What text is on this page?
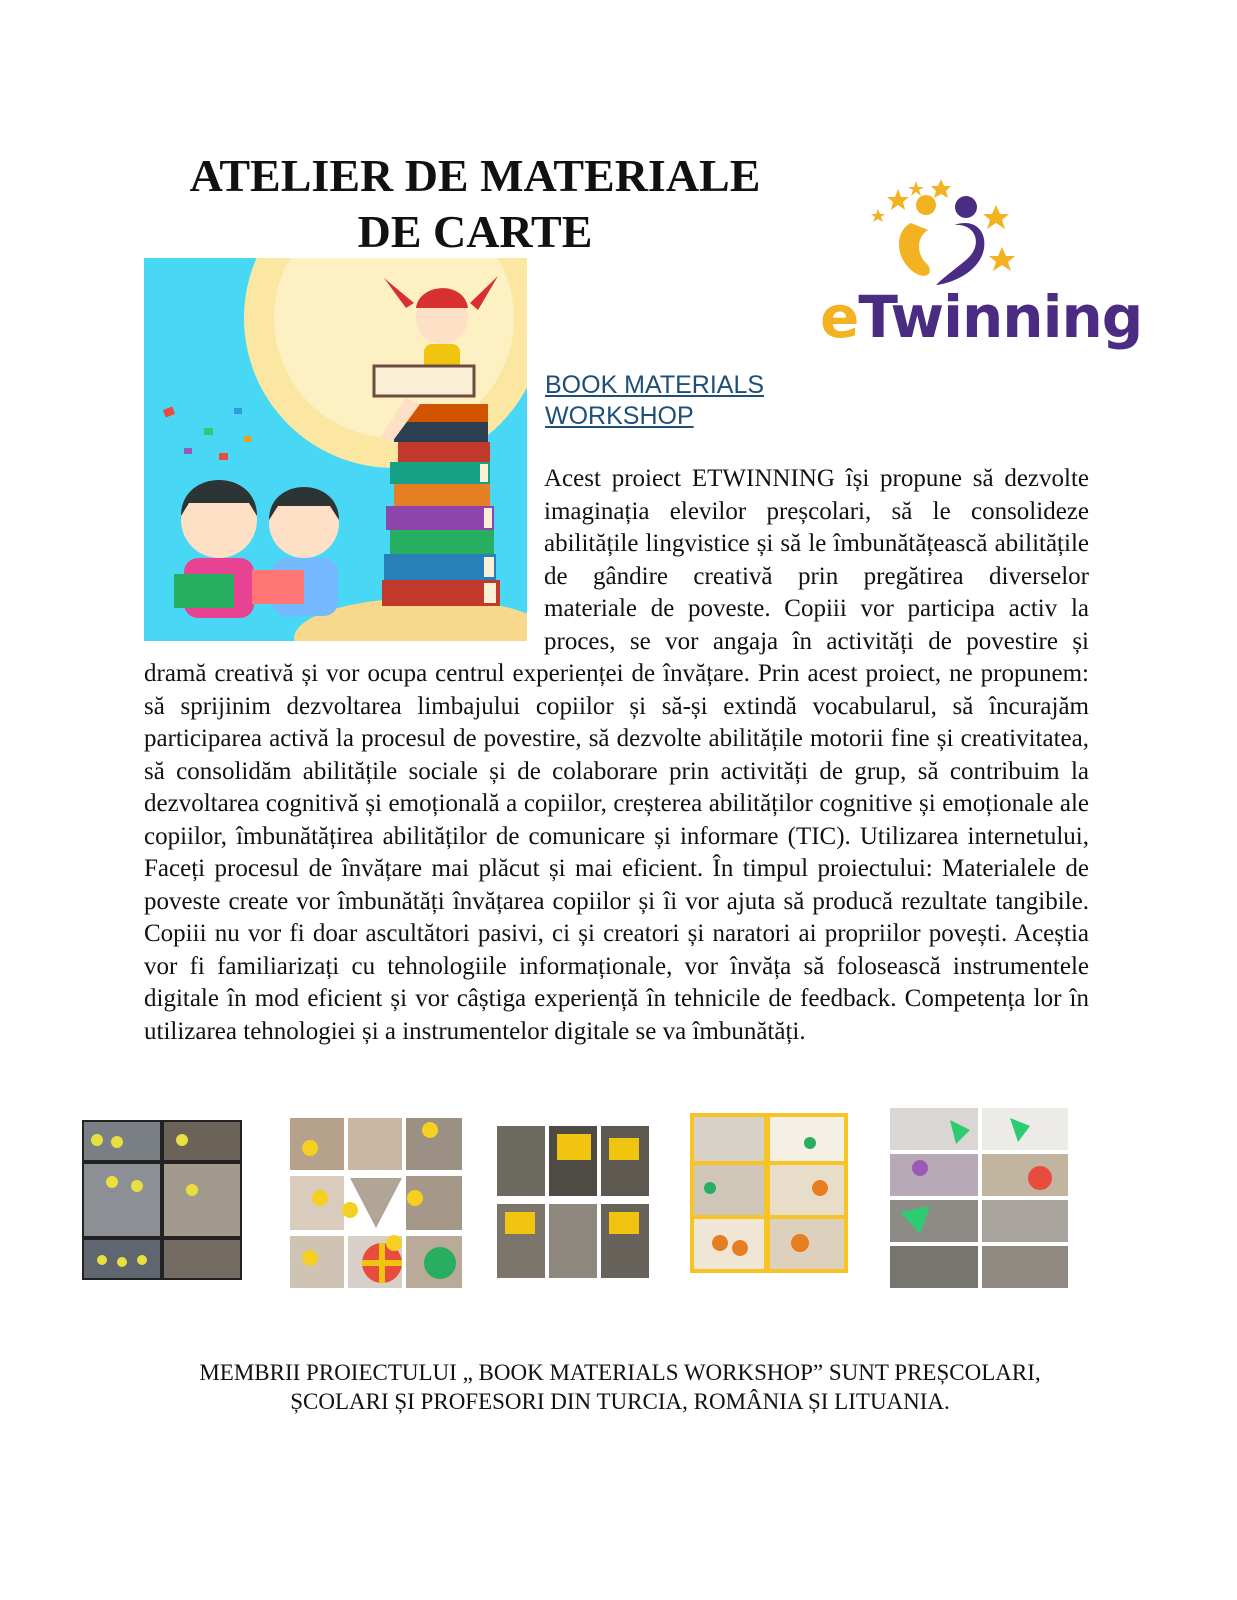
ATELIER DE MATERIALE
DE CARTE
eTwinning

BOOK MATERIALS
WORKSHOP

Acest proiect ETWINNING își propune să dezvolte imaginația elevilor preșcolari, să le consolideze abilitățile lingvistice și să le îmbunătățească abilitățile de gândire creativă prin pregătirea diverselor materiale de poveste. Copiii vor participa activ la proces, se vor angaja în activități de povestire și dramă creativă și vor ocupa centrul experienței de învățare. Prin acest proiect, ne propunem: să sprijinim dezvoltarea limbajului copiilor și să-și extindă vocabularul, să încurajăm participarea activă la procesul de povestire, să dezvolte abilitățile motorii fine și creativitatea, să consolidăm abilitățile sociale și de colaborare prin activități de grup, să contribuim la dezvoltarea cognitivă și emoțională a copiilor, creșterea abilităților cognitive și emoționale ale copiilor, îmbunătățirea abilităților de comunicare și informare (TIC). Utilizarea internetului, Faceți procesul de învățare mai plăcut și mai eficient. În timpul proiectului: Materialele de poveste create vor îmbunătăți învățarea copiilor și îi vor ajuta să producă rezultate tangibile. Copiii nu vor fi doar ascultători pasivi, ci și creatori și naratori ai propriilor povești. Aceștia vor fi familiarizați cu tehnologiile informaționale, vor învăța să folosească instrumentele digitale în mod eficient și vor câștiga experiență în tehnicile de feedback. Competența lor în utilizarea tehnologiei și a instrumentelor digitale se va îmbunătăți.

MEMBRII PROIECTULUI „ BOOK MATERIALS WORKSHOP” SUNT PREȘCOLARI,
ȘCOLARI ȘI PROFESORI DIN TURCIA, ROMÂNIA ȘI LITUANIA.
